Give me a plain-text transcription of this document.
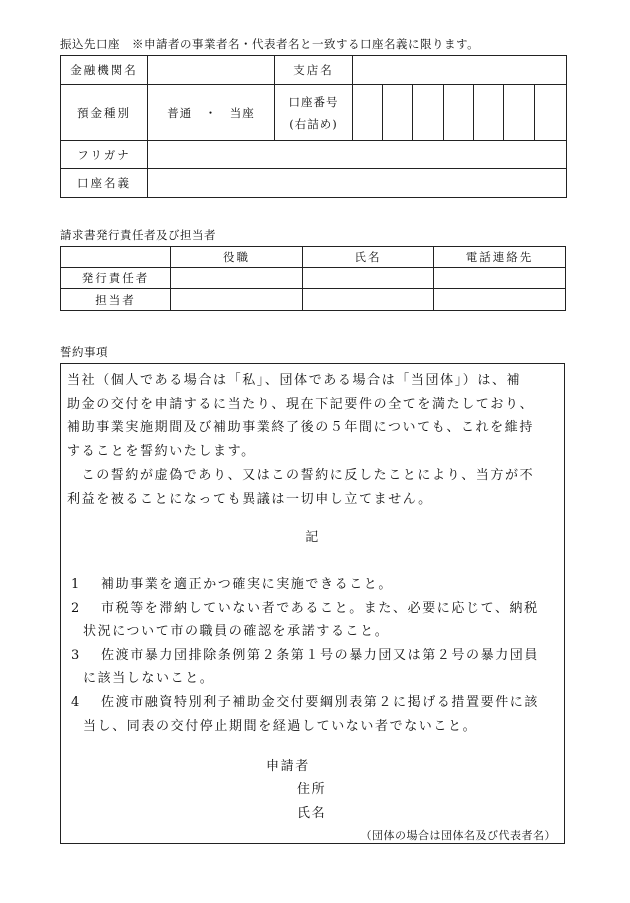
振込先口座　※申請者の事業者名・代表者名と一致する口座名義に限ります。
金融機関名		支店名							
預金種別	普通　・　当座	口座番号
(右詰め)							

フリガナ									
口座名義									
請求書発行責任者及び担当者
	役職	氏名	電話連絡先
発行責任者			
担当者			
誓約事項
当社（個人である場合は「私」、団体である場合は「当団体」）は、補
助金の交付を申請するに当たり、現在下記要件の全てを満たしており、
補助事業実施期間及び補助事業終了後の５年間についても、これを維持
することを誓約いたします。
　この誓約が虚偽であり、又はこの誓約に反したことにより、当方が不
利益を被ることになっても異議は一切申し立てません。
記
1	補助事業を適正かつ確実に実施できること。
2	市税等を滞納していない者であること。また、必要に応じて、納税
状況について市の職員の確認を承諾すること。
3	佐渡市暴力団排除条例第２条第１号の暴力団又は第２号の暴力団員
に該当しないこと。
4	佐渡市融資特別利子補助金交付要綱別表第２に掲げる措置要件に該
当し、同表の交付停止期間を経過していない者でないこと。
申請者
住所
氏名
（団体の場合は団体名及び代表者名）
